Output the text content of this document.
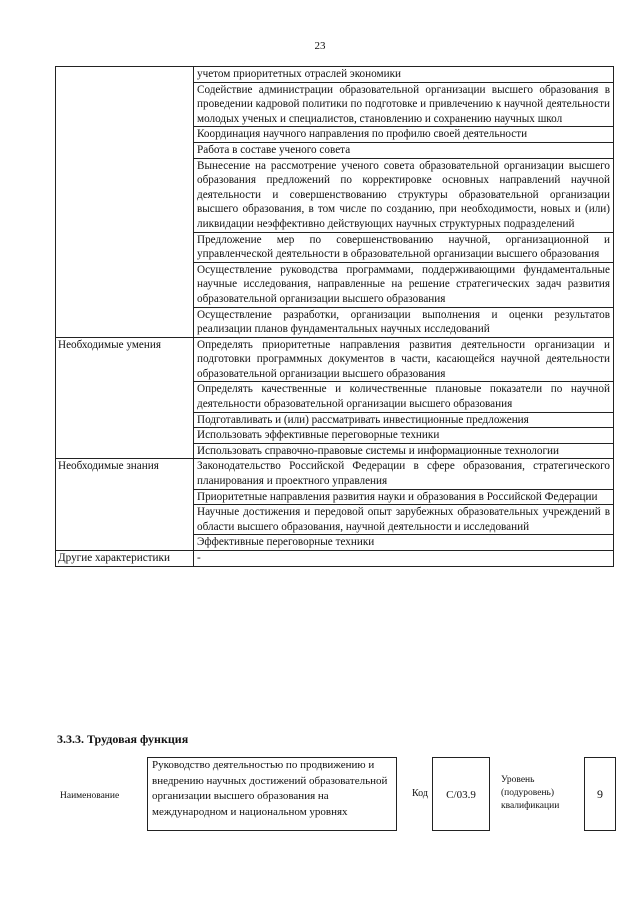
23
	учетом приоритетных отраслей экономики
	Содействие администрации образовательной организации высшего образования в проведении кадровой политики по подготовке и привлечению к научной деятельности молодых ученых и специалистов, становлению и сохранению научных школ
	Координация научного направления по профилю своей деятельности
	Работа в составе ученого совета
	Вынесение на рассмотрение ученого совета образовательной организации высшего образования предложений по корректировке основных направлений научной деятельности и совершенствованию структуры образовательной организации высшего образования, в том числе по созданию, при необходимости, новых и (или) ликвидации неэффективно действующих научных структурных подразделений
	Предложение мер по совершенствованию научной, организационной и управленческой деятельности в образовательной организации высшего образования
	Осуществление руководства программами, поддерживающими фундаментальные научные исследования, направленные на решение стратегических задач развития образовательной организации высшего образования
	Осуществление разработки, организации выполнения и оценки результатов реализации планов фундаментальных научных исследований
Необходимые умения	Определять приоритетные направления развития деятельности организации и подготовки программных документов в части, касающейся научной деятельности образовательной организации высшего образования
	Определять качественные и количественные плановые показатели по научной деятельности образовательной организации высшего образования
	Подготавливать и (или) рассматривать инвестиционные предложения
	Использовать эффективные переговорные техники
	Использовать справочно-правовые системы и информационные технологии
Необходимые знания	Законодательство Российской Федерации в сфере образования, стратегического планирования и проектного управления
	Приоритетные направления развития науки и образования в Российской Федерации
	Научные достижения и передовой опыт зарубежных образовательных учреждений в области высшего образования, научной деятельности и исследований
	Эффективные переговорные техники
Другие характеристики	-
3.3.3. Трудовая функция
Наименование
Руководство деятельностью по продвижению и внедрению научных достижений образовательной организации высшего образования на международном и национальном уровнях
Код	C/03.9
Уровень (подуровень) квалификации
9
